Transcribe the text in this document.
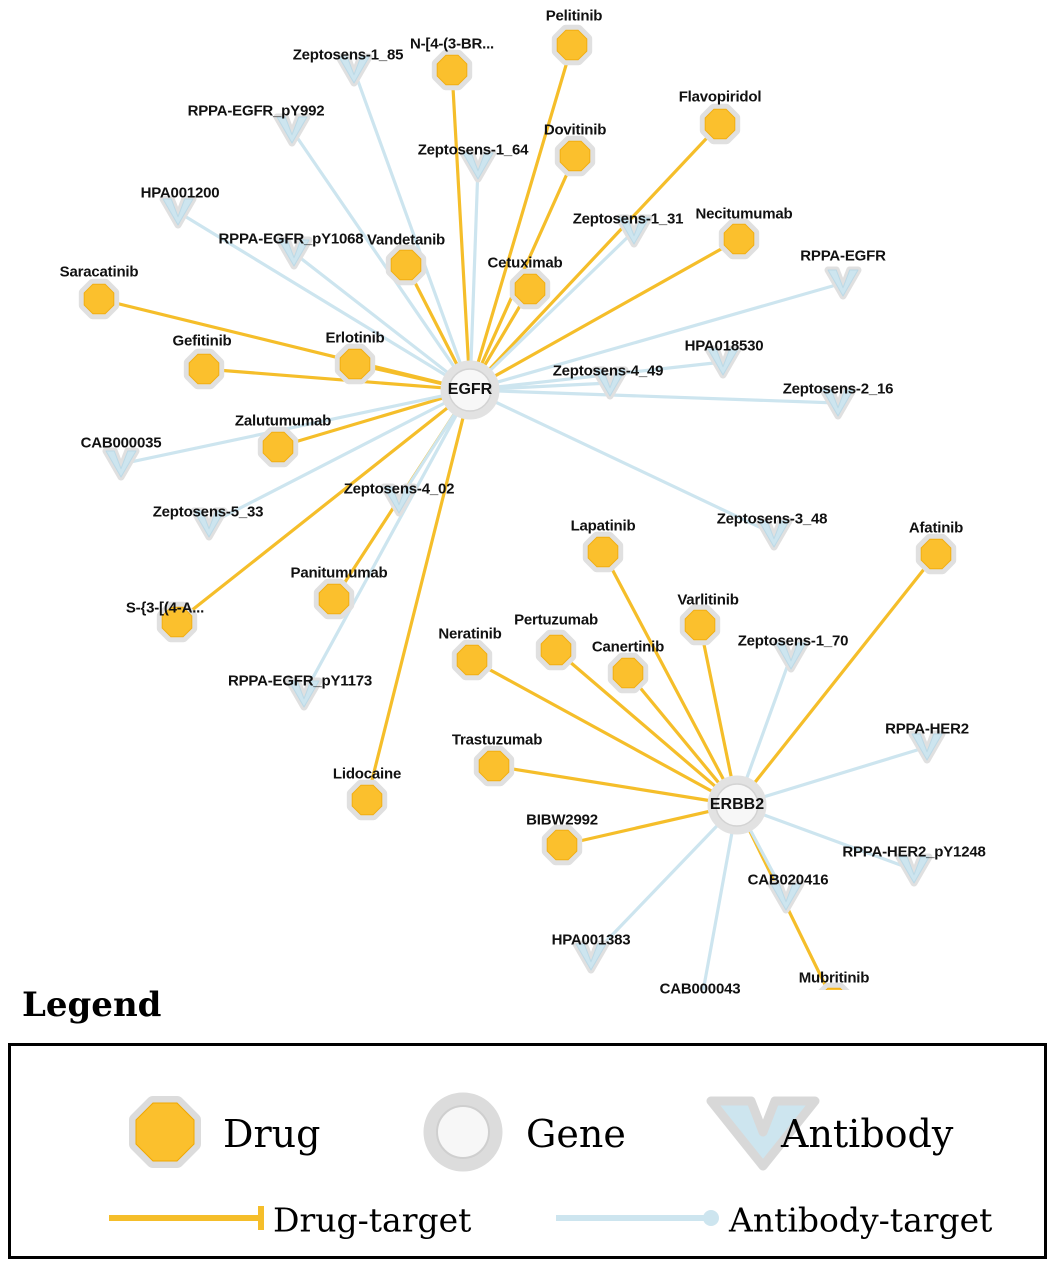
Pelitinib
N-[4-(3-BR...
Flavopiridol
Dovitinib
Necitumumab
Vandetanib
Cetuximab
Saracatinib
Gefitinib	Erlotinib
Zalutumumab
Afatinib
Lapatinib
Panitumumab
S-{3-[(4-A...	Varlitinib
Pertuzumab
Neratinib
Canertinib
Trastuzumab
Lidocaine
BIBW2992
Mubritinib
Zeptosens-1_85
RPPA-EGFR_pY992
Zeptosens-1_64
HPA001200
Zeptosens-1_31
RPPA-EGFR_pY1068
RPPA-EGFR
HPA018530
Zeptosens-4_49
Zeptosens-2_16
CAB000035
Zeptosens-4_02
Zeptosens-5_33	Zeptosens-3_48
Zeptosens-1_70
RPPA-EGFR_pY1173
RPPA-HER2
RPPA-HER2_pY1248
CAB020416
HPA001383
CAB000043
EGFR
ERBB2
Legend
Drug	Gene	Antibody
Drug-target	Antibody-target
